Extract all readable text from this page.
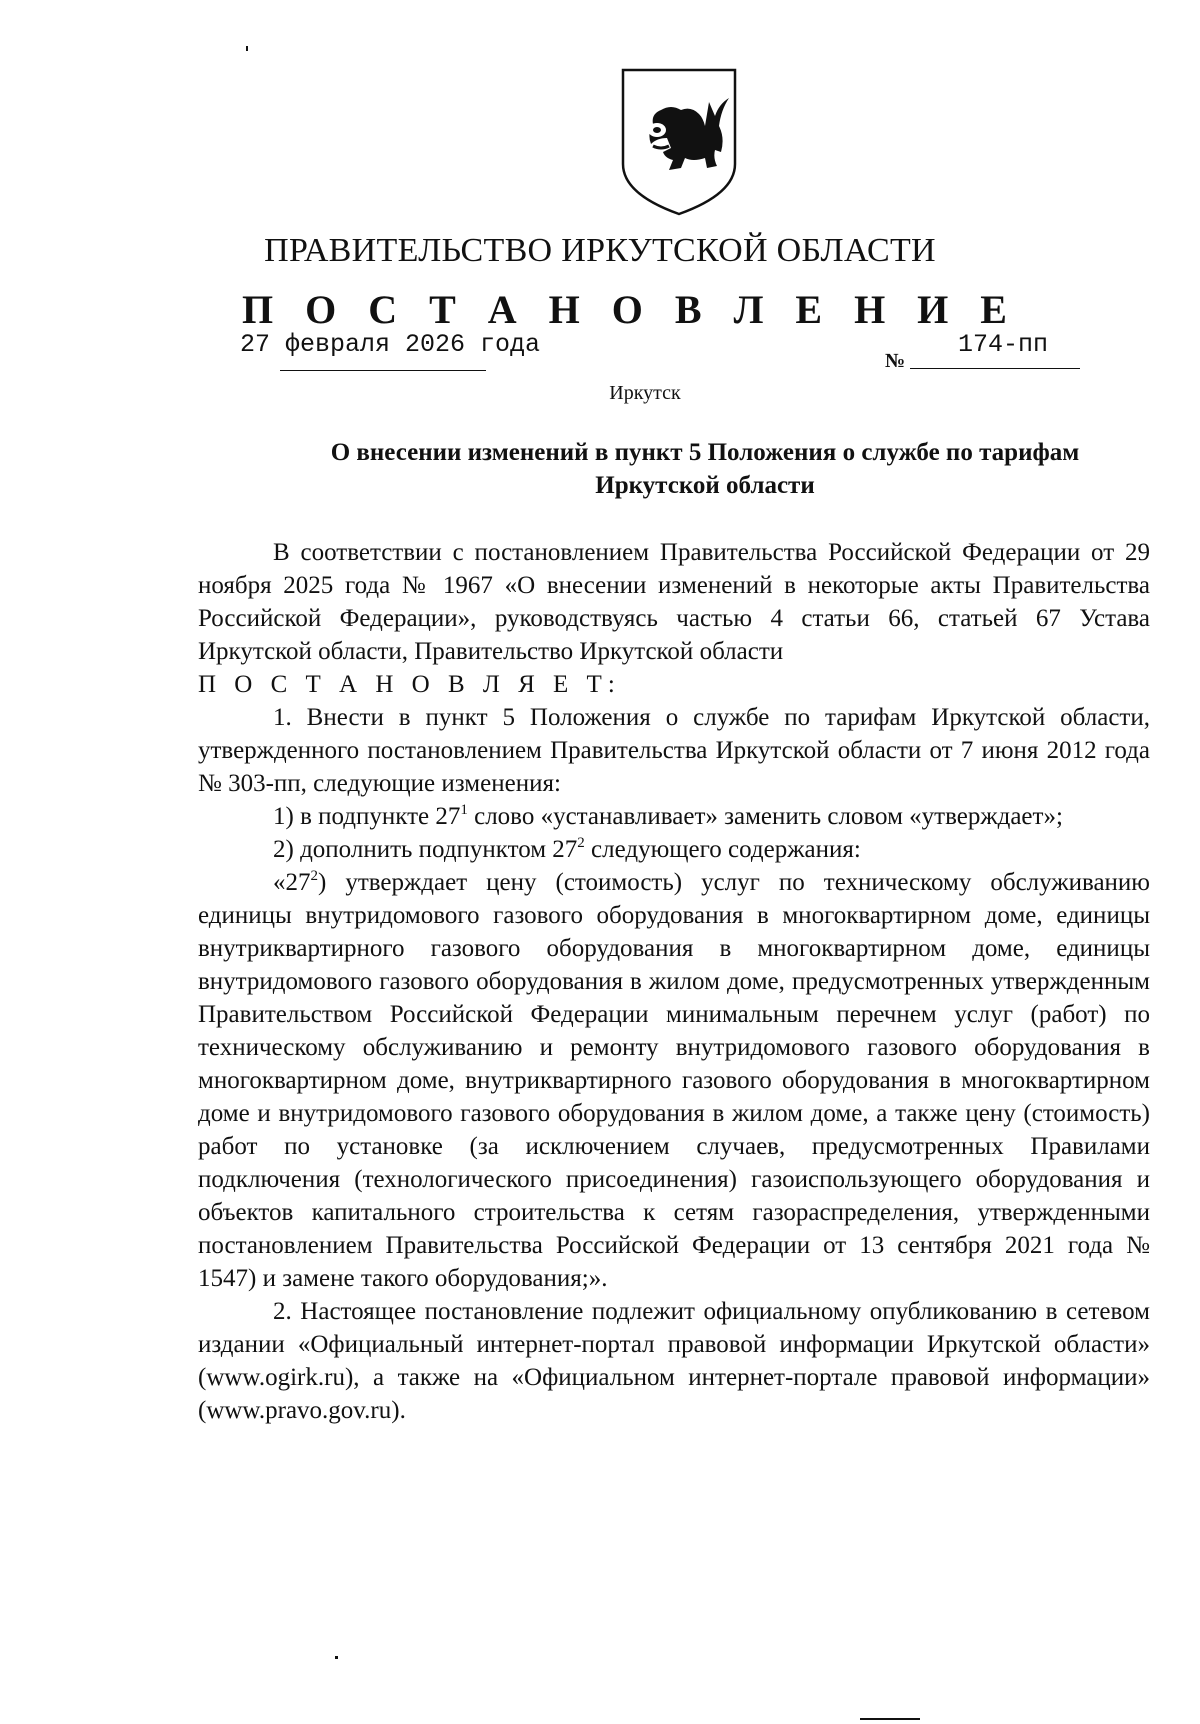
ПРАВИТЕЛЬСТВО ИРКУТСКОЙ ОБЛАСТИ
П О С Т А Н О В Л Е Н И Е
27 февраля 2026 года
№
174-пп
Иркутск
О внесении изменений в пункт 5 Положения о службе по тарифам
Иркутской области

В соответствии с постановлением Правительства Российской Федерации от 29 ноября 2025 года № 1967 «О внесении изменений в некоторые акты Правительства Российской Федерации», руководствуясь частью 4 статьи 66, статьей 67 Устава Иркутской области, Правительство Иркутской области

П О С Т А Н О В Л Я Е Т:

1. Внести в пункт 5 Положения о службе по тарифам Иркутской области, утвержденного постановлением Правительства Иркутской области от 7 июня 2012 года № 303-пп, следующие изменения:

1) в подпункте $27^1$ слово «устанавливает» заменить словом «утверждает»;

2) дополнить подпунктом $27^2$ следующего содержания:

«$27^2$) утверждает цену (стоимость) услуг по техническому обслуживанию единицы внутридомового газового оборудования в многоквартирном доме, единицы внутриквартирного газового оборудования в многоквартирном доме, единицы внутридомового газового оборудования в жилом доме, предусмотренных утвержденным Правительством Российской Федерации минимальным перечнем услуг (работ) по техническому обслуживанию и ремонту внутридомового газового оборудования в многоквартирном доме, внутриквартирного газового оборудования в многоквартирном доме и внутридомового газового оборудования в жилом доме, а также цену (стоимость) работ по установке (за исключением случаев, предусмотренных Правилами подключения (технологического присоединения) газоиспользующего оборудования и объектов капитального строительства к сетям газораспределения, утвержденными постановлением Правительства Российской Федерации от 13 сентября 2021 года № 1547) и замене такого оборудования;».

2. Настоящее постановление подлежит официальному опубликованию в сетевом издании «Официальный интернет-портал правовой информации Иркутской области» (www.ogirk.ru), а также на «Официальном интернет-портале правовой информации» (www.pravo.gov.ru).
